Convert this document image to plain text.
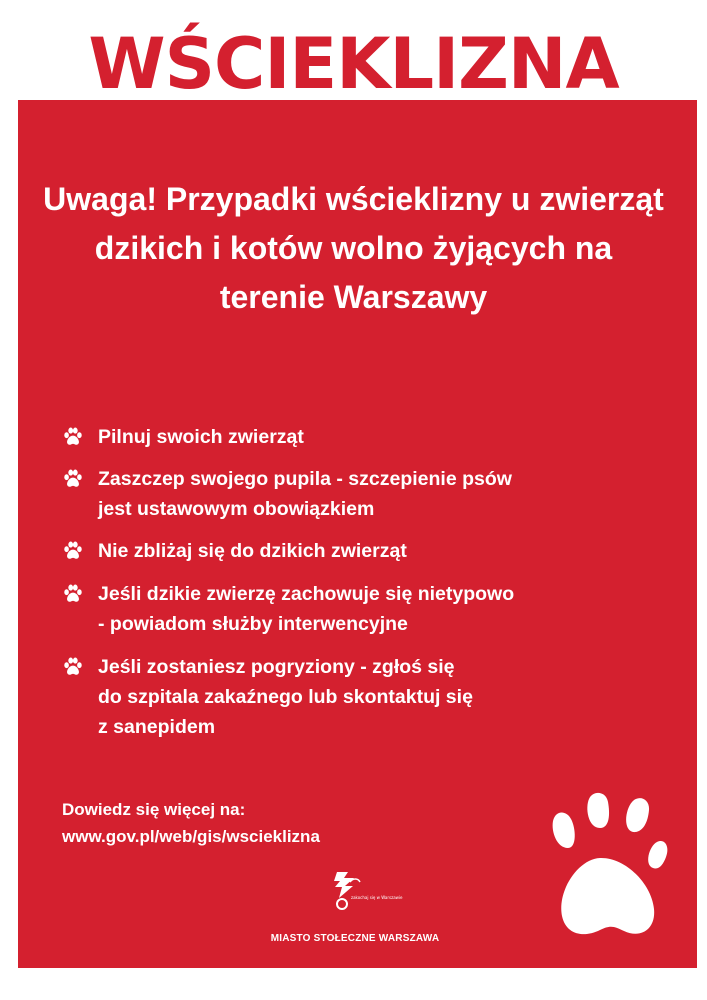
WŚCIEKLIZNA
Uwaga! Przypadki wścieklizny u zwierząt dzikich i kotów wolno żyjących na terenie Warszawy
Pilnuj swoich zwierząt
Zaszczep swojego pupila - szczepienie psów
jest ustawowym obowiązkiem
Nie zbliżaj się do dzikich zwierząt
Jeśli dzikie zwierzę zachowuje się nietypowo
- powiadom służby interwencyjne
Jeśli zostaniesz pogryziony - zgłoś się
do szpitala zakaźnego lub skontaktuj się
z sanepidem
Dowiedz się więcej na:
www.gov.pl/web/gis/wscieklizna
zakochaj się w Warszawie
MIASTO STOŁECZNE WARSZAWA
